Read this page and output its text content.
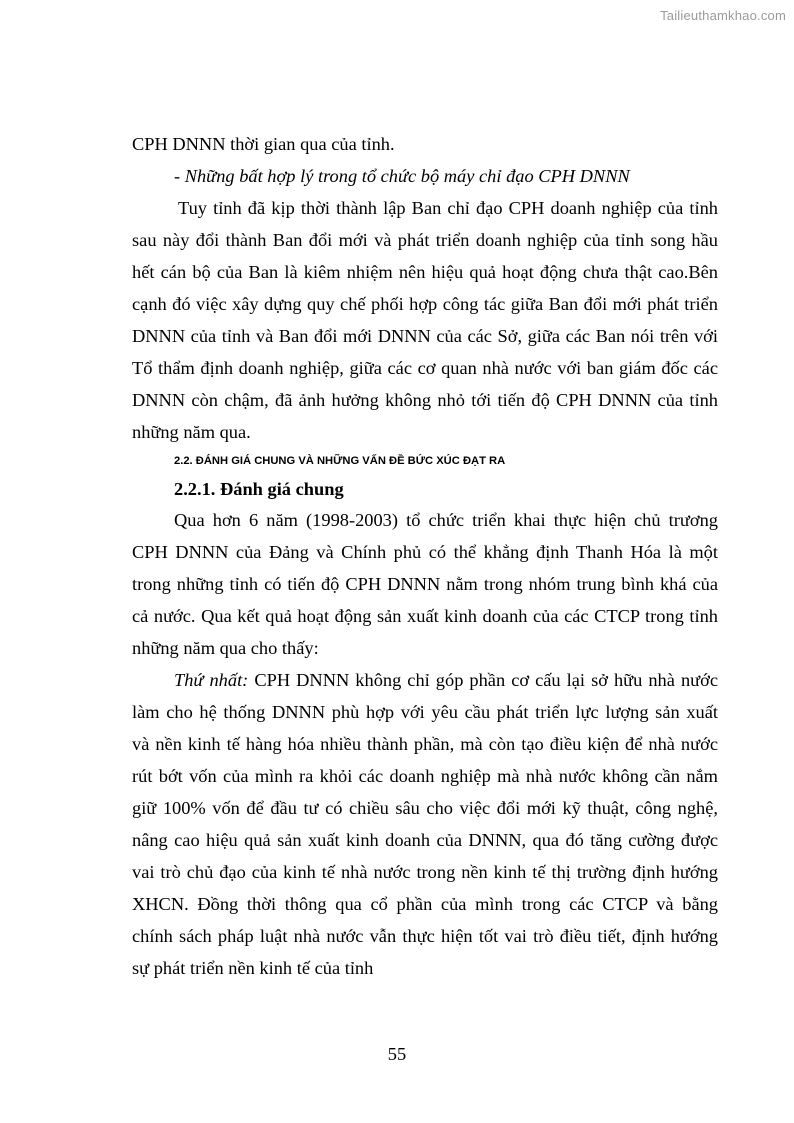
Tailieuthamkhao.com
CPH DNNN thời gian qua của tỉnh.
- Những bất hợp lý trong tổ chức bộ máy chỉ đạo CPH DNNN
Tuy tỉnh đã kịp thời thành lập Ban chỉ đạo CPH doanh nghiệp của tỉnh
sau này đổi thành Ban đổi mới và phát triển doanh nghiệp của tỉnh song hầu
hết cán bộ của Ban là kiêm nhiệm nên hiệu quả hoạt động chưa thật cao.Bên
cạnh đó việc xây dựng quy chế phối hợp công tác giữa Ban đổi mới phát triển
DNNN của tỉnh và Ban đổi mới DNNN của các Sở, giữa các Ban nói trên với
Tổ thẩm định doanh nghiệp, giữa các cơ quan nhà nước với ban giám đốc các
DNNN còn chậm, đã ảnh hưởng không nhỏ tới tiến độ CPH DNNN của tỉnh
những năm qua.
2.2. ĐÁNH GIÁ CHUNG VÀ NHỮNG VẤN ĐỀ BỨC XÚC ĐẠT RA
2.2.1. Đánh giá chung
Qua hơn 6 năm (1998-2003) tổ chức triển khai thực hiện chủ trương
CPH DNNN của Đảng và Chính phủ có thể khẳng định Thanh Hóa là một
trong những tỉnh có tiến độ CPH DNNN nằm trong nhóm trung bình khá của
cả nước. Qua kết quả hoạt động sản xuất kinh doanh của các CTCP trong tỉnh
những năm qua cho thấy:
Thứ nhất: CPH DNNN không chỉ góp phần cơ cấu lại sở hữu nhà nước
làm cho hệ thống DNNN phù hợp với yêu cầu phát triển lực lượng sản xuất
và nền kinh tế hàng hóa nhiều thành phần, mà còn tạo điều kiện để nhà nước
rút bớt vốn của mình ra khỏi các doanh nghiệp mà nhà nước không cần nắm
giữ 100% vốn để đầu tư có chiều sâu cho việc đổi mới kỹ thuật, công nghệ,
nâng cao hiệu quả sản xuất kinh doanh của DNNN, qua đó tăng cường được
vai trò chủ đạo của kinh tế nhà nước trong nền kinh tế thị trường định hướng
XHCN. Đồng thời thông qua cổ phần của mình trong các CTCP và bằng
chính sách pháp luật nhà nước vẫn thực hiện tốt vai trò điều tiết, định hướng
sự phát triển nền kinh tế của tỉnh
55
